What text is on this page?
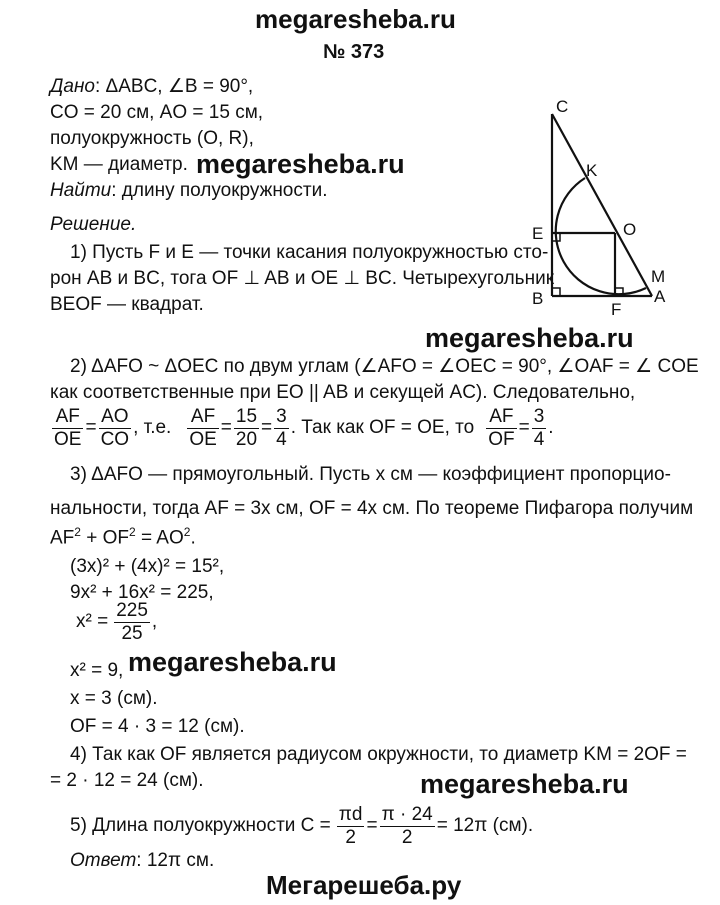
megaresheba.ru
№ 373
Дано: ΔABC, ∠B = 90°,
CO = 20 см, AO = 15 см,
полуокружность (O, R),
KM — диаметр. megaresheba.ru
Найти: длину полуокружности.
Решение.
1) Пусть F и E — точки касания полуокружностью сто-
рон AB и BC, тога OF ⊥ AB и OE ⊥ BC. Четырехугольник
BEOF — квадрат.
C
K
E	O
M
B
F
A
megaresheba.ru
2) ΔAFO ~ ΔOEC по двум углам (∠AFO = ∠OEC = 90°, ∠OAF = ∠ COE
как соответственные при EO || AB и секущей AC). Следовательно,
$\frac{AF}{OE} = \frac{AO}{CO}$ , т.е. $\frac{AF}{OE} = \frac{15}{20} = \frac{3}{4}$ . Так как OF = OE, то $\frac{AF}{OF} = \frac{3}{4}$ .
3) ΔAFO — прямоугольный. Пусть x см — коэффициент пропорцио-
нальности, тогда AF = 3x см, OF = 4x см. По теореме Пифагора получим
$AF^2 + OF^2 = AO^2$.
(3x)² + (4x)² = 15²,
9x² + 16x² = 225,
$x^2 = \frac{225}{25}$ ,
x² = 9, megaresheba.ru
x = 3 (см).
OF = 4 · 3 = 12 (см).
4) Так как OF является радиусом окружности, то диаметр KM = 2OF =
= 2 · 12 = 24 (см).	megaresheba.ru
5) Длина полуокружности $C = \frac{\pi d}{2} = \frac{\pi \cdot 24}{2} = 12\pi$ (см).
Ответ: 12π см.
Мегарешеба.ру
